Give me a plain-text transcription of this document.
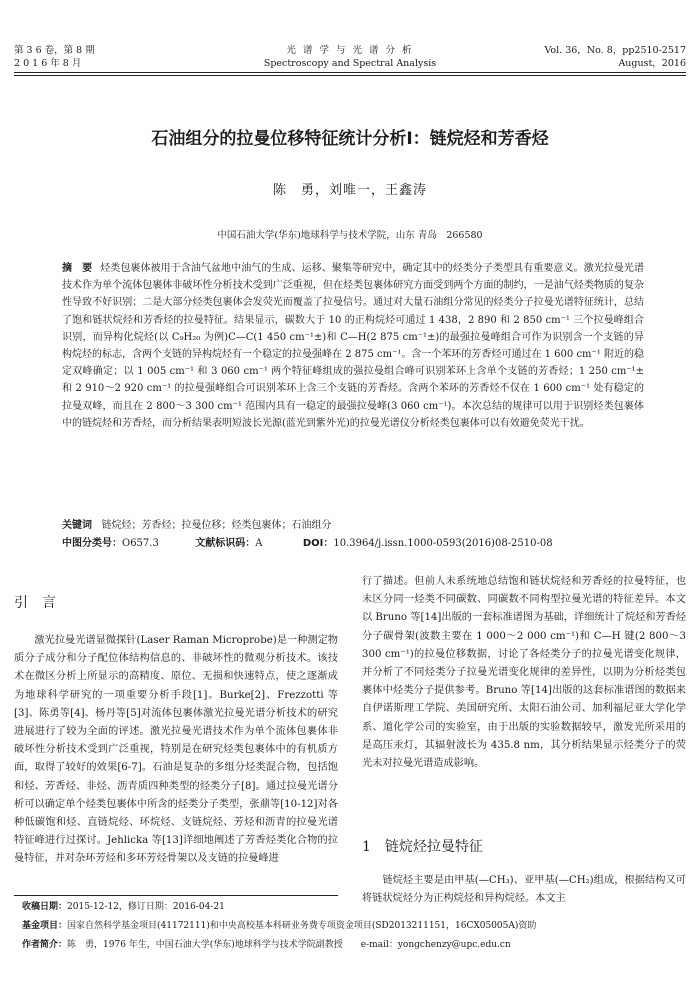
第 3 6 卷，第 8 期
2 0 1 6 年 8 月
光 谱 学 与 光 谱 分 析
Spectroscopy and Spectral Analysis
Vol. 36，No. 8，pp2510-2517
August，2016
石油组分的拉曼位移特征统计分析Ⅰ：链烷烃和芳香烃
陈　勇，刘唯一，王鑫涛
中国石油大学(华东)地球科学与技术学院，山东 青岛　266580
摘　要 烃类包裹体被用于含油气盆地中油气的生成、运移、聚集等研究中，确定其中的烃类分子类型具有重要意义。激光拉曼光谱技术作为单个流体包裹体非破坏性分析技术受到广泛重视，但在烃类包裹体研究方面受到两个方面的制约，一是油气烃类物质的复杂性导致不好识别；二是大部分烃类包裹体会发荧光而覆盖了拉曼信号。通过对大量石油组分常见的烃类分子拉曼光谱特征统计，总结了饱和链状烷烃和芳香烃的拉曼特征。结果显示，碳数大于 10 的正构烷烃可通过 1 438，2 890 和 2 850 cm⁻¹ 三个拉曼峰组合识别，而异构化烷烃(以 C₉H₂₀ 为例)C—C(1 450 cm⁻¹±)和 C—H(2 875 cm⁻¹±)的最强拉曼峰组合可作为识别含一个支链的异构烷烃的标志，含两个支链的异构烷烃有一个稳定的拉曼强峰在 2 875 cm⁻¹。含一个苯环的芳香烃可通过在 1 600 cm⁻¹ 附近的稳定双峰确定；以 1 005 cm⁻¹ 和 3 060 cm⁻¹ 两个特征峰组成的强拉曼组合峰可识别苯环上含单个支链的芳香烃；1 250 cm⁻¹± 和 2 910～2 920 cm⁻¹ 的拉曼强峰组合可识别苯环上含三个支链的芳香烃。含两个苯环的芳香烃不仅在 1 600 cm⁻¹ 处有稳定的拉曼双峰，而且在 2 800～3 300 cm⁻¹ 范围内具有一稳定的最强拉曼峰(3 060 cm⁻¹)。本次总结的规律可以用于识别烃类包裹体中的链烷烃和芳香烃，而分析结果表明短波长光源(蓝光到紫外光)的拉曼光谱仪分析烃类包裹体可以有效避免荧光干扰。
关键词 链烷烃；芳香烃；拉曼位移；烃类包裹体；石油组分
中图分类号：O657.3	文献标识码：A	DOI：10.3964/j.issn.1000-0593(2016)08-2510-08
引　言

激光拉曼光谱显微探针(Laser Raman Microprobe)是一种测定物质分子成分和分子配位体结构信息的、非破坏性的微观分析技术。该技术在微区分析上所显示的高精度、原位、无损和快速特点，使之逐渐成为地球科学研究的一项重要分析手段[1]。Burke[2]、Frezzotti 等[3]、陈勇等[4]、杨丹等[5]对流体包裹体激光拉曼光谱分析技术的研究进展进行了较为全面的评述。激光拉曼光谱技术作为单个流体包裹体非破坏性分析技术受到广泛重视，特别是在研究烃类包裹体中的有机质方面，取得了较好的效果[6-7]。石油是复杂的多组分烃类混合物，包括饱和烃、芳香烃、非烃、沥青质四种类型的烃类分子[8]。通过拉曼光谱分析可以确定单个烃类包裹体中所含的烃类分子类型，张鼐等[10-12]对各种低碳饱和烃、直链烷烃、环烷烃、支链烷烃、芳烃和沥青的拉曼光谱特征峰进行过探讨。Jehlicka 等[13]详细地阐述了芳香烃类化合物的拉曼特征，并对杂环芳烃和多环芳烃骨架以及支链的拉曼峰进

行了描述。但前人未系统地总结饱和链状烷烃和芳香烃的拉曼特征，也未区分同一烃类不同碳数、同碳数不同构型拉曼光谱的特征差异。本文以 Bruno 等[14]出版的一套标准谱图为基础，详细统计了烷烃和芳香烃分子碳骨架(波数主要在 1 000～2 000 cm⁻¹)和 C—H 键(2 800～3 300 cm⁻¹)的拉曼位移数据，讨论了各烃类分子的拉曼光谱变化规律，并分析了不同烃类分子拉曼光谱变化规律的差异性，以期为分析烃类包裹体中烃类分子提供参考。Bruno 等[14]出版的这套标准谱图的数据来自伊诺斯理工学院、美国研究所、太阳石油公司、加利福尼亚大学化学系、道化学公司的实验室，由于出版的实验数据较早，激发光所采用的是高压汞灯，其辐射波长为 435.8 nm，其分析结果显示烃类分子的荧光未对拉曼光谱造成影响。

1　链烷烃拉曼特征

链烷烃主要是由甲基(—CH₃)、亚甲基(—CH₂)组成，根据结构又可将链状烷烃分为正构烷烃和异构烷烃。本文主

收稿日期：2015-12-12，修订日期：2016-04-21
基金项目：国家自然科学基金项目(41172111)和中央高校基本科研业务费专项资金项目(SD2013211151，16CX05005A)资助
作者简介：陈　勇，1976 年生，中国石油大学(华东)地球科学与技术学院副教授　　e-mail：yongchenzy@upc.edu.cn
